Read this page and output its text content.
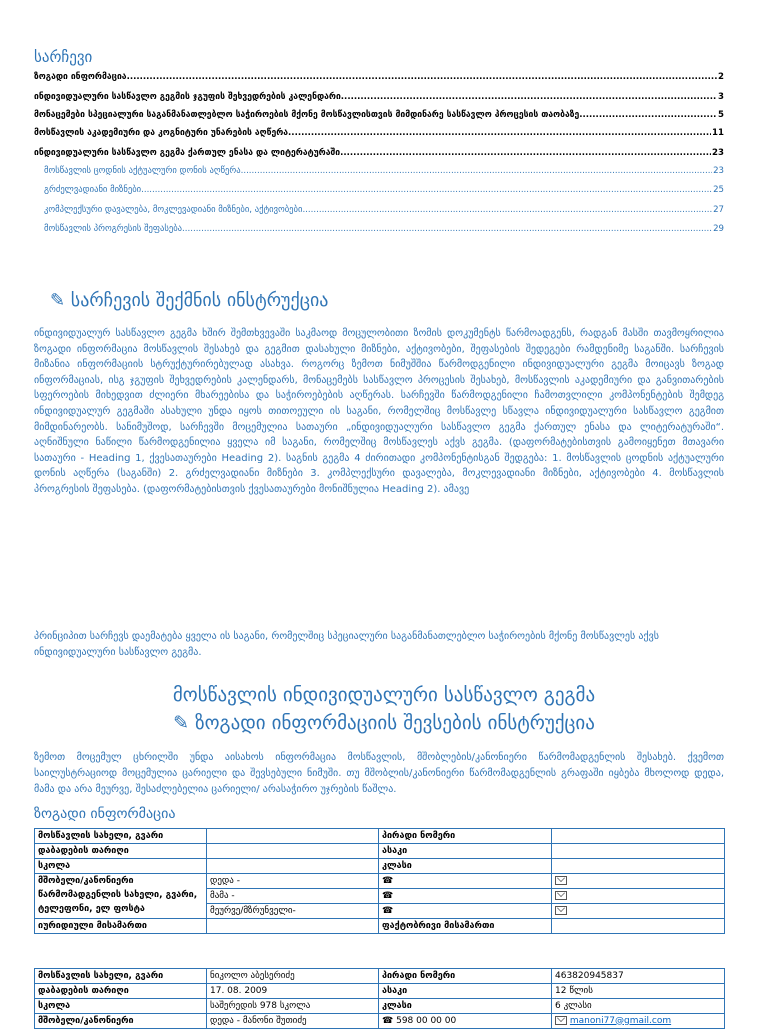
სარჩევი
ზოგადი ინფორმაცია .....	2
ინდივიდუალური სასწავლო გეგმის ჯგუფის შეხვედრების კალენდარი .....	3
მონაცემები სპეციალური საგანმანათლებლო საჭიროების მქონე მოსწავლისთვის მიმდინარე სასწავლო პროცესის თაობაზე .....	5
მოსწავლის აკადემიური და კოგნიტური უნარების აღწერა .....	11
ინდივიდუალური სასწავლო გეგმა ქართულ ენასა და ლიტერატურაში .....	23
მოსწავლის ცოდნის აქტუალური დონის აღწერა .....	23
გრძელვადიანი მიზნები .....	25
კომპლექსური დავალება, მოკლევადიანი მიზნები, აქტივობები .....	27
მოსწავლის პროგრესის შეფასება .....	29
✎ სარჩევის შექმნის ინსტრუქცია
ინდივიდუალურ სასწავლო გეგმა ხშირ შემთხვევაში საკმაოდ მოცულობითი ზომის დოკუმენტს წარმოადგენს, რადგან მასში თავმოყრილია ზოგადი ინფორმაცია მოსწავლის შესახებ და გეგმით დასახული მიზნები, აქტივობები, შეფასების შედეგები რამდენიმე საგანში. სარჩევის მიზანია ინფორმაციის სტრუქტურირებულად ასახვა. როგორც ზემოთ ნიმუშშია წარმოდგენილი ინდივიდუალური გეგმა მოიცავს ზოგად ინფორმაციას, ისგ ჯგუფის შეხვედრების კალენდარს, მონაცემებს სასწავლო პროცესის შესახებ, მოსწავლის აკადემიური და განვითარების სფეროების მიხედვით ძლიერი მხარეებისა და საჭიროებების აღწერას. სარჩევში წარმოდგენილი ჩამოთვლილი კომპონენტების შემდეგ ინდივიდუალურ გეგმაში ასახული უნდა იყოს თითოეული ის საგანი, რომელშიც მოსწავლე სწავლა ინდივიდუალური სასწავლო გეგმით მიმდინარეობს. სანიმუშოდ, სარჩევში მოცემულია სათაური „ინდივიდუალური სასწავლო გეგმა ქართულ ენასა და ლიტერატურაში“. აღნიშნული ნაწილი წარმოდგენილია ყველა იმ საგანი, რომელშიც მოსწავლეს აქვს გეგმა. (დაფორმატებისთვის გამოიყენეთ მთავარი სათაური - Heading 1, ქვესათაურები Heading 2). საგნის გეგმა 4 ძირითადი კომპონენტისგან შედგება: 1. მოსწავლის ცოდნის აქტუალური დონის აღწერა (საგანში) 2. გრძელვადიანი მიზნები 3. კომპლექსური დავალება, მოკლევადიანი მიზნები, აქტივობები 4. მოსწავლის პროგრესის შეფასება. (დაფორმატებისთვის ქვესათაურები მონიშნულია Heading 2). ამავე
პრინციპით სარჩევს დაემატება ყველა ის საგანი, რომელშიც სპეციალური საგანმანათლებლო საჭიროების მქონე მოსწავლეს აქვს ინდივიდუალური სასწავლო გეგმა.
მოსწავლის ინდივიდუალური სასწავლო გეგმა
✎ ზოგადი ინფორმაციის შევსების ინსტრუქცია
ზემოთ მოცემულ ცხრილში უნდა აისახოს ინფორმაცია მოსწავლის, მშობლების/კანონიერი წარმომადგენლის შესახებ. ქვემოთ საილუსტრაციოდ მოცემულია ცარიელი და შევსებული ნიმუში. თუ მშობლის/კანონიერი წარმომადგენლის გრაფაში იყბება მხოლოდ დედა, მამა და არა მეურვე, შესაძლებელია ცარიელი/ არასაჭირო უჯრების წაშლა.
ზოგადი ინფორმაცია
მოსწავლის სახელი, გვარი		პირადი ნომერი	
დაბადების თარიღი		ასაკი	
სკოლა		კლასი	
მშობელი/კანონიერი წარმომადგენლის სახელი, გვარი, ტელეფონი, ელ ფოსტა	დედა -	☎	
	მამა -	☎	
	მეურვე/მზრუნველი-	☎	
იურიდიული მისამართი		ფაქტობრივი მისამართი	
მოსწავლის სახელი, გვარი	ნიკოლო აბესერიძე	პირადი ნომერი	463820945837
დაბადების თარიღი	17. 08. 2009	ასაკი	12 წლის
სკოლა	საშერედის 978 სკოლა	კლასი	6 კლასი
მშობელი/კანონიერი	დედა - მანონი შუთიძე	☎ 598 00 00 00	manoni77@gmail.com
